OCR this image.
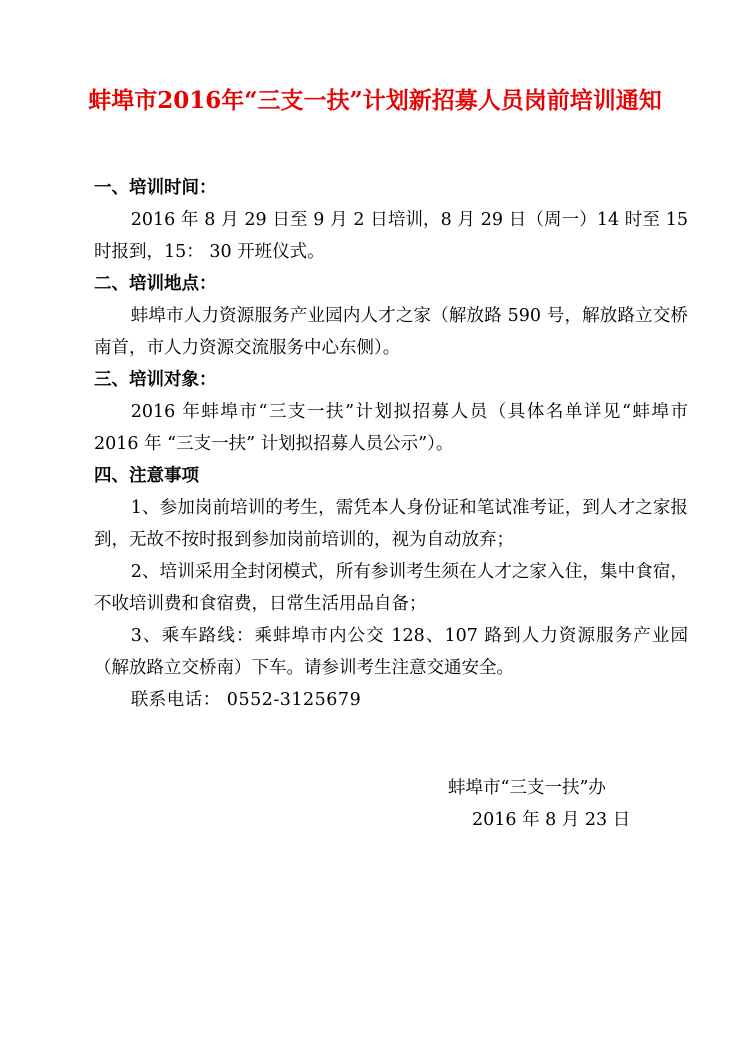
蚌埠市2016年“三支一扶”计划新招募人员岗前培训通知

一、培训时间：

2016 年 8 月 29 日至 9 月 2 日培训，8 月 29 日（周一）14 时至 15 时报到，15： 30 开班仪式。

二、培训地点：

蚌埠市人力资源服务产业园内人才之家（解放路 590 号，解放路立交桥南首，市人力资源交流服务中心东侧）。

三、培训对象：

2016 年蚌埠市“三支一扶”计划拟招募人员（具体名单详见“蚌埠市 2016 年 “三支一扶” 计划拟招募人员公示”）。

四、注意事项

1、参加岗前培训的考生，需凭本人身份证和笔试准考证，到人才之家报到，无故不按时报到参加岗前培训的，视为自动放弃；

2、培训采用全封闭模式，所有参训考生须在人才之家入住，集中食宿，不收培训费和食宿费，日常生活用品自备；

3、乘车路线：乘蚌埠市内公交 128、107 路到人力资源服务产业园（解放路立交桥南）下车。请参训考生注意交通安全。

联系电话： 0552-3125679

蚌埠市“三支一扶”办
2016 年 8 月 23 日
